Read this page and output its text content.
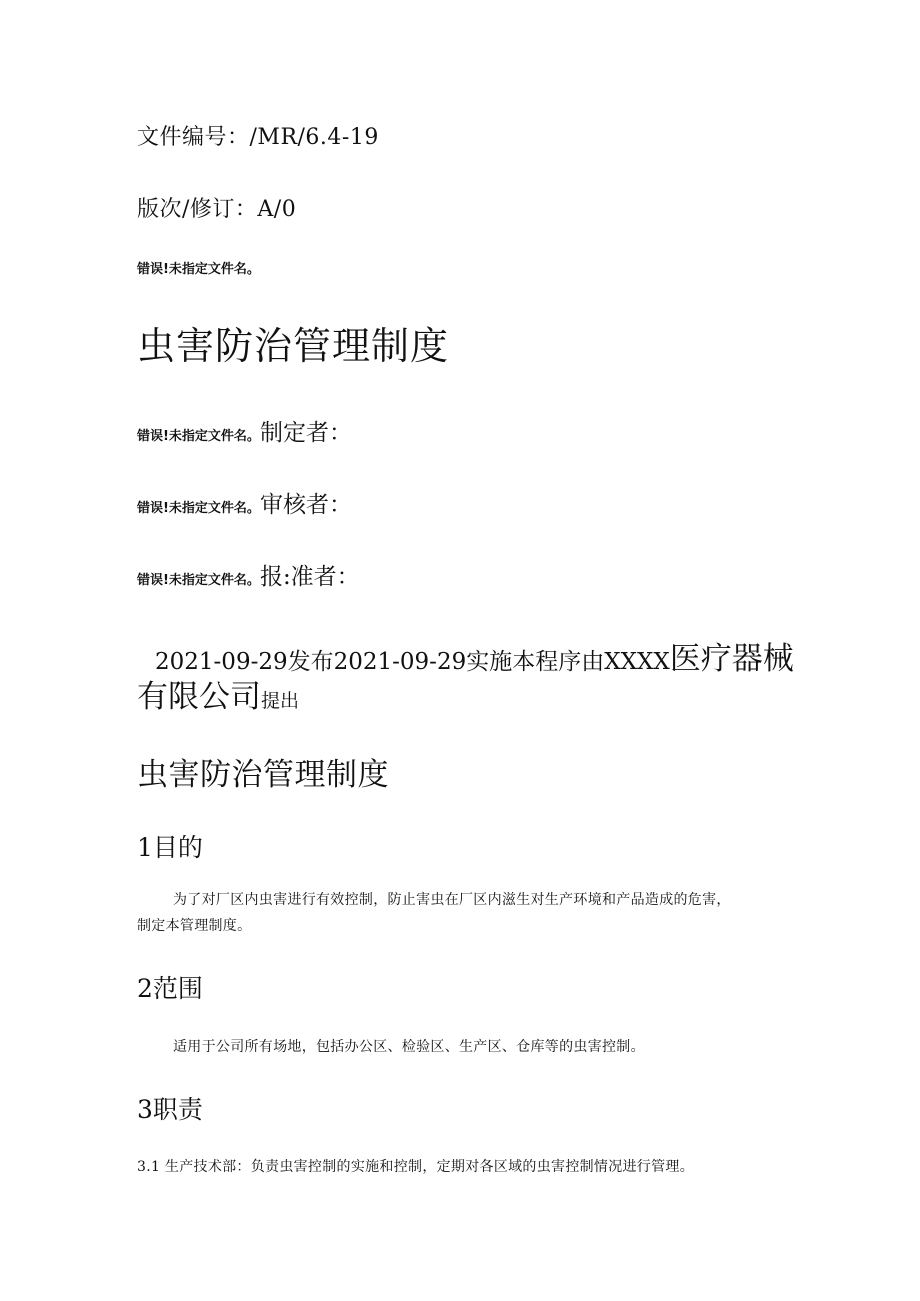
文件编号：/MR/6.4-19
版次/修订：A/0
错误!未指定文件名。
虫害防治管理制度
错误!未指定文件名。制定者：
错误!未指定文件名。审核者：
错误!未指定文件名。报:准者：
2021-09-29发布2021-09-29实施本程序由XXXX医疗器械
有限公司提出
虫害防治管理制度
1目的
为了对厂区内虫害进行有效控制，防止害虫在厂区内滋生对生产环境和产品造成的危害，
制定本管理制度。
2范围
适用于公司所有场地，包括办公区、检验区、生产区、仓库等的虫害控制。
3职责
3.1 生产技术部：负责虫害控制的实施和控制，定期对各区域的虫害控制情况进行管理。
